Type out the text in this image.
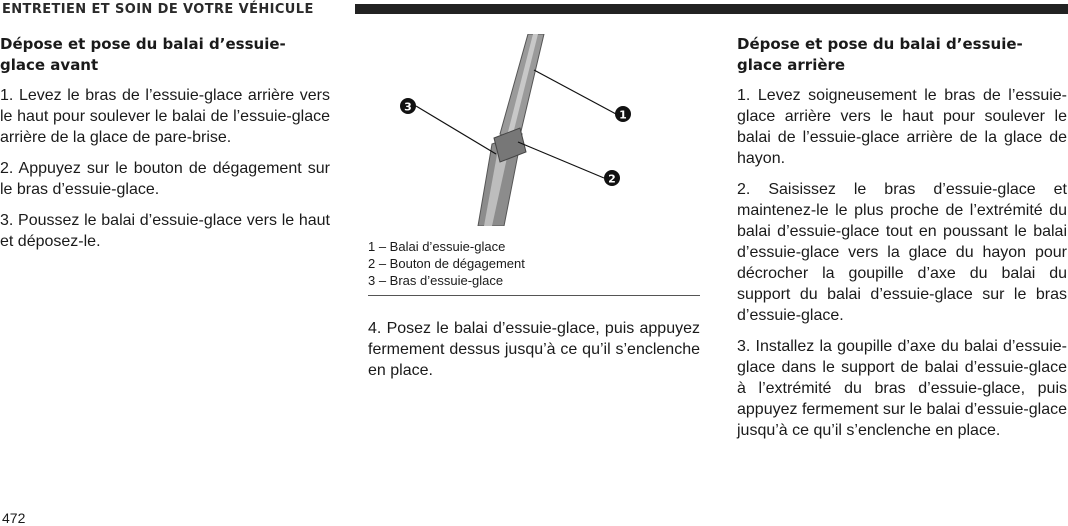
ENTRETIEN ET SOIN DE VOTRE VÉHICULE
Dépose et pose du balai d’essuie-glace avant

1. Levez le bras de l’essuie-glace arrière vers le haut pour soulever le balai de l’essuie-glace arrière de la glace de pare-brise.

2. Appuyez sur le bouton de dégagement sur le bras d’essuie-glace.

3. Poussez le balai d’essuie-glace vers le haut et déposez-le.

3
1
2
1 – Balai d’essuie-glace
2 – Bouton de dégagement
3 – Bras d’essuie-glace

4. Posez le balai d’essuie-glace, puis appuyez fermement dessus jusqu’à ce qu’il s’enclenche en place.

Dépose et pose du balai d’essuie-glace arrière

1. Levez soigneusement le bras de l’essuie-glace arrière vers le haut pour soulever le balai de l’essuie-glace arrière de la glace de hayon.

2. Saisissez le bras d’essuie-glace et maintenez-le le plus proche de l’extrémité du balai d’essuie-glace tout en poussant le balai d’essuie-glace vers la glace du hayon pour décrocher la goupille d’axe du balai du support du balai d’essuie-glace sur le bras d’essuie-glace.

3. Installez la goupille d’axe du balai d’essuie-glace dans le support de balai d’essuie-glace à l’extrémité du bras d’essuie-glace, puis appuyez fermement sur le balai d’essuie-glace jusqu’à ce qu’il s’enclenche en place.

472
